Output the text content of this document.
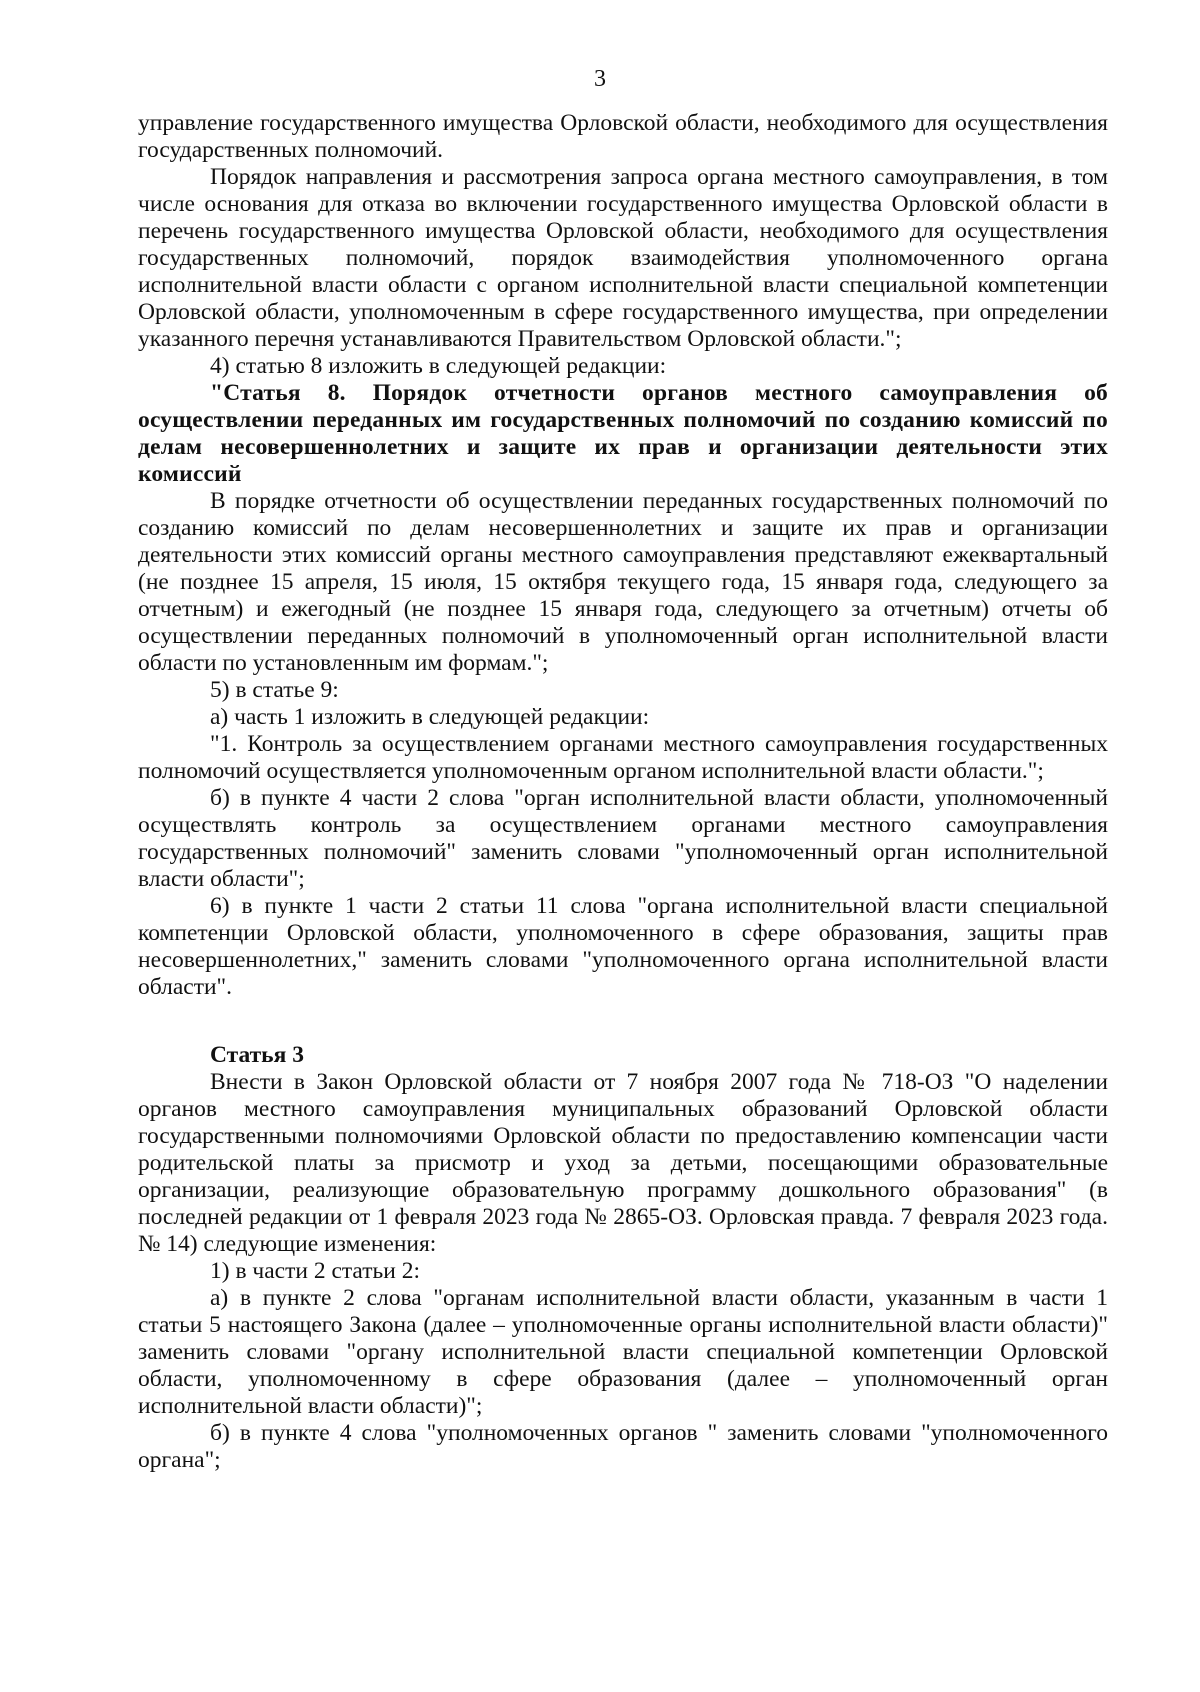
3

управление государственного имущества Орловской области, необходимого для осуществления государственных полномочий.

Порядок направления и рассмотрения запроса органа местного самоуправления, в том числе основания для отказа во включении государственного имущества Орловской области в перечень государственного имущества Орловской области, необходимого для осуществления государственных полномочий, порядок взаимодействия уполномоченного органа исполнительной власти области с органом исполнительной власти специальной компетенции Орловской области, уполномоченным в сфере государственного имущества, при определении указанного перечня устанавливаются Правительством Орловской области.";

4) статью 8 изложить в следующей редакции:

"Статья 8. Порядок отчетности органов местного самоуправления об осуществлении переданных им государственных полномочий по созданию комиссий по делам несовершеннолетних и защите их прав и организации деятельности этих комиссий

В порядке отчетности об осуществлении переданных государственных полномочий по созданию комиссий по делам несовершеннолетних и защите их прав и организации деятельности этих комиссий органы местного самоуправления представляют ежеквартальный (не позднее 15 апреля, 15 июля, 15 октября текущего года, 15 января года, следующего за отчетным) и ежегодный (не позднее 15 января года, следующего за отчетным) отчеты об осуществлении переданных полномочий в уполномоченный орган исполнительной власти области по установленным им формам.";

5) в статье 9:

а) часть 1 изложить в следующей редакции:

"1. Контроль за осуществлением органами местного самоуправления государственных полномочий осуществляется уполномоченным органом исполнительной власти области.";

б) в пункте 4 части 2 слова "орган исполнительной власти области, уполномоченный осуществлять контроль за осуществлением органами местного самоуправления государственных полномочий" заменить словами "уполномоченный орган исполнительной власти области";

6) в пункте 1 части 2 статьи 11 слова "органа исполнительной власти специальной компетенции Орловской области, уполномоченного в сфере образования, защиты прав несовершеннолетних," заменить словами "уполномоченного органа исполнительной власти области".

Статья 3

Внести в Закон Орловской области от 7 ноября 2007 года № 718-ОЗ "О наделении органов местного самоуправления муниципальных образований Орловской области государственными полномочиями Орловской области по предоставлению компенсации части родительской платы за присмотр и уход за детьми, посещающими образовательные организации, реализующие образовательную программу дошкольного образования" (в последней редакции от 1 февраля 2023 года № 2865-ОЗ. Орловская правда. 7 февраля 2023 года. № 14) следующие изменения:

1) в части 2 статьи 2:

а) в пункте 2 слова "органам исполнительной власти области, указанным в части 1 статьи 5 настоящего Закона (далее – уполномоченные органы исполнительной власти области)" заменить словами "органу исполнительной власти специальной компетенции Орловской области, уполномоченному в сфере образования (далее – уполномоченный орган исполнительной власти области)";

б) в пункте 4 слова "уполномоченных органов " заменить словами "уполномоченного органа";
